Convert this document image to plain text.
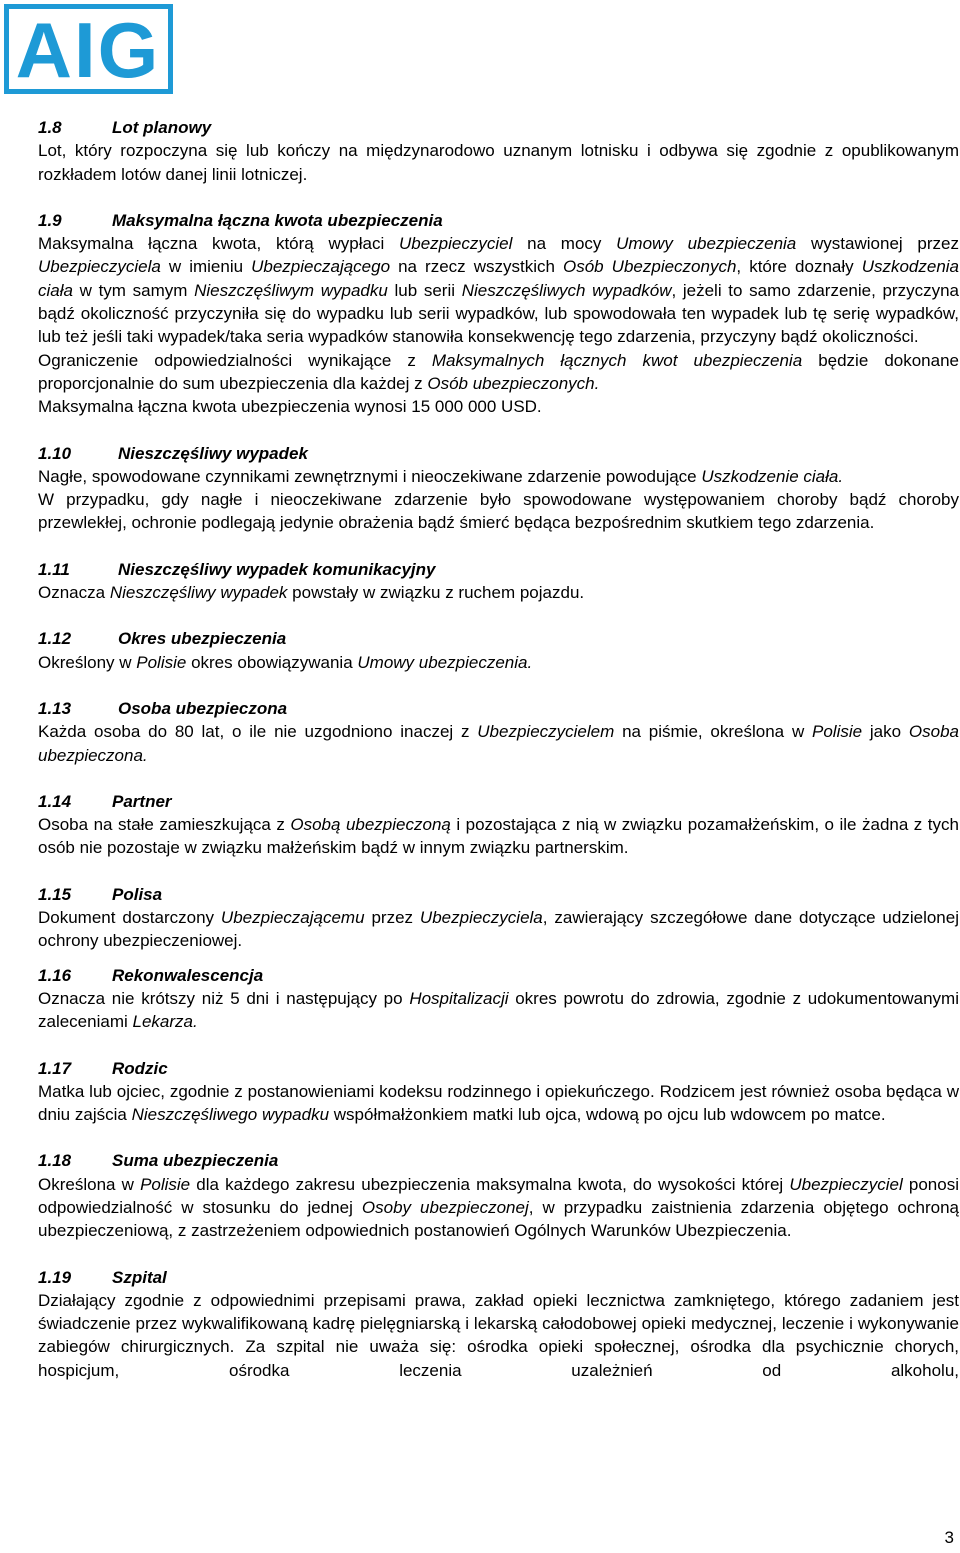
AIG
1.8	Lot planowy

Lot, który rozpoczyna się lub kończy na międzynarodowo uznanym lotnisku i odbywa się zgodnie z opublikowanym rozkładem lotów danej linii lotniczej.

1.9	Maksymalna łączna kwota ubezpieczenia

Maksymalna łączna kwota, którą wypłaci Ubezpieczyciel na mocy Umowy ubezpieczenia wystawionej przez Ubezpieczyciela w imieniu Ubezpieczającego na rzecz wszystkich Osób Ubezpieczonych, które doznały Uszkodzenia ciała w tym samym Nieszczęśliwym wypadku lub serii Nieszczęśliwych wypadków, jeżeli to samo zdarzenie, przyczyna bądź okoliczność przyczyniła się do wypadku lub serii wypadków, lub spowodowała ten wypadek lub tę serię wypadków, lub też jeśli taki wypadek/taka seria wypadków stanowiła konsekwencję tego zdarzenia, przyczyny bądź okoliczności.

Ograniczenie odpowiedzialności wynikające z Maksymalnych łącznych kwot ubezpieczenia będzie dokonane proporcjonalnie do sum ubezpieczenia dla każdej z Osób ubezpieczonych.

Maksymalna łączna kwota ubezpieczenia wynosi 15 000 000 USD.

1.10	Nieszczęśliwy wypadek

Nagłe, spowodowane czynnikami zewnętrznymi i nieoczekiwane zdarzenie powodujące Uszkodzenie ciała.

W przypadku, gdy nagłe i nieoczekiwane zdarzenie było spowodowane występowaniem choroby bądź choroby przewlekłej, ochronie podlegają jedynie obrażenia bądź śmierć będąca bezpośrednim skutkiem tego zdarzenia.

1.11	Nieszczęśliwy wypadek komunikacyjny

Oznacza Nieszczęśliwy wypadek powstały w związku z ruchem pojazdu.

1.12	Okres ubezpieczenia

Określony w Polisie okres obowiązywania Umowy ubezpieczenia.

1.13	Osoba ubezpieczona

Każda osoba do 80 lat, o ile nie uzgodniono inaczej z Ubezpieczycielem na piśmie, określona w Polisie jako Osoba ubezpieczona.

1.14 Partner

Osoba na stałe zamieszkująca z Osobą ubezpieczoną i pozostająca z nią w związku pozamałżeńskim, o ile żadna z tych osób nie pozostaje w związku małżeńskim bądź w innym związku partnerskim.

1.15 Polisa

Dokument dostarczony Ubezpieczającemu przez Ubezpieczyciela, zawierający szczegółowe dane dotyczące udzielonej ochrony ubezpieczeniowej.

1.16 Rekonwalescencja

Oznacza nie krótszy niż 5 dni i następujący po Hospitalizacji okres powrotu do zdrowia, zgodnie z udokumentowanymi zaleceniami Lekarza.

1.17 Rodzic

Matka lub ojciec, zgodnie z postanowieniami kodeksu rodzinnego i opiekuńczego. Rodzicem jest również osoba będąca w dniu zajścia Nieszczęśliwego wypadku współmałżonkiem matki lub ojca, wdową po ojcu lub wdowcem po matce.

1.18 Suma ubezpieczenia

Określona w Polisie dla każdego zakresu ubezpieczenia maksymalna kwota, do wysokości której Ubezpieczyciel ponosi odpowiedzialność w stosunku do jednej Osoby ubezpieczonej, w przypadku zaistnienia zdarzenia objętego ochroną ubezpieczeniową, z zastrzeżeniem odpowiednich postanowień Ogólnych Warunków Ubezpieczenia.

1.19 Szpital

Działający zgodnie z odpowiednimi przepisami prawa, zakład opieki lecznictwa zamkniętego, którego zadaniem jest świadczenie przez wykwalifikowaną kadrę pielęgniarską i lekarską całodobowej opieki medycznej, leczenie i wykonywanie zabiegów chirurgicznych. Za szpital nie uważa się: ośrodka opieki społecznej, ośrodka dla psychicznie chorych, hospicjum, ośrodka leczenia uzależnień od alkoholu,

3
